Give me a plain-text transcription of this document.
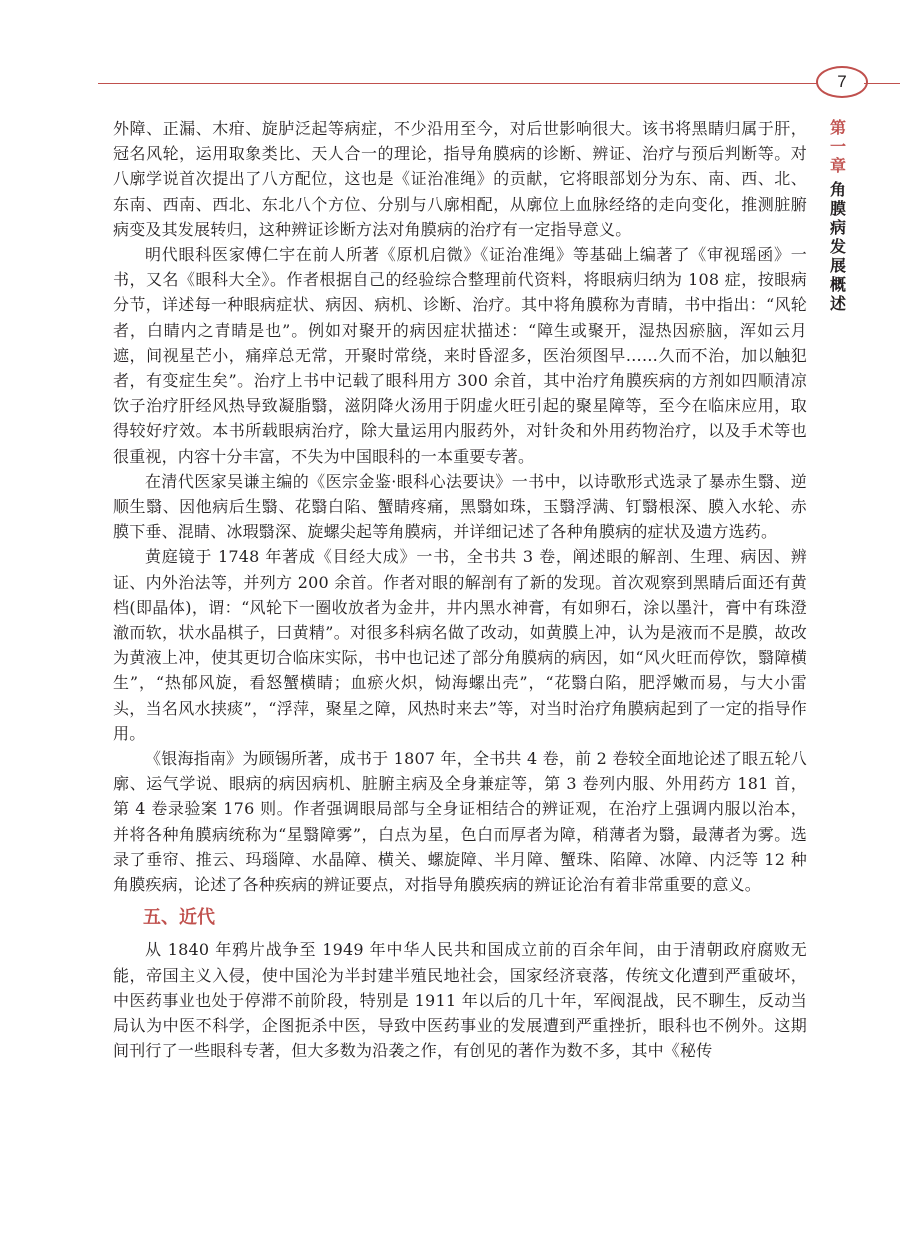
7
第
一
章
角
膜
病
发
展
概
述

外障、正漏、木疳、旋胪泛起等病症，不少沿用至今，对后世影响很大。该书将黑睛归属于肝，冠名风轮，运用取象类比、天人合一的理论，指导角膜病的诊断、辨证、治疗与预后判断等。对八廓学说首次提出了八方配位，这也是《证治准绳》的贡献，它将眼部划分为东、南、西、北、东南、西南、西北、东北八个方位、分别与八廓相配，从廓位上血脉经络的走向变化，推测脏腑病变及其发展转归，这种辨证诊断方法对角膜病的治疗有一定指导意义。

明代眼科医家傅仁宇在前人所著《原机启微》《证治准绳》等基础上编著了《审视瑶函》一书，又名《眼科大全》。作者根据自己的经验综合整理前代资料，将眼病归纳为 108 症，按眼病分节，详述每一种眼病症状、病因、病机、诊断、治疗。其中将角膜称为青睛，书中指出：“风轮者，白睛内之青睛是也”。例如对聚开的病因症状描述：“障生或聚开，湿热因瘀脑，浑如云月遮，间视星芒小，痛痒总无常，开聚时常绕，来时昏涩多，医治须图早……久而不治，加以触犯者，有变症生矣”。治疗上书中记载了眼科用方 300 余首，其中治疗角膜疾病的方剂如四顺清凉饮子治疗肝经风热导致凝脂翳，滋阴降火汤用于阴虚火旺引起的聚星障等，至今在临床应用，取得较好疗效。本书所载眼病治疗，除大量运用内服药外，对针灸和外用药物治疗，以及手术等也很重视，内容十分丰富，不失为中国眼科的一本重要专著。

在清代医家吴谦主编的《医宗金鉴·眼科心法要诀》一书中，以诗歌形式选录了暴赤生翳、逆顺生翳、因他病后生翳、花翳白陷、蟹睛疼痛，黑翳如珠，玉翳浮满、钉翳根深、膜入水轮、赤膜下垂、混睛、冰瑕翳深、旋螺尖起等角膜病，并详细记述了各种角膜病的症状及遗方选药。

黄庭镜于 1748 年著成《目经大成》一书，全书共 3 卷，阐述眼的解剖、生理、病因、辨证、内外治法等，并列方 200 余首。作者对眼的解剖有了新的发现。首次观察到黑睛后面还有黄档(即晶体)，谓：“风轮下一圈收放者为金井，井内黑水神膏，有如卵石，涂以墨汁，膏中有珠澄澈而软，状水晶棋子，曰黄精”。对很多科病名做了改动，如黄膜上冲，认为是液而不是膜，故改为黄液上冲，使其更切合临床实际，书中也记述了部分角膜病的病因，如“风火旺而停饮，翳障横生”，“热郁风旋，看怒蟹横睛；血瘀火炽，恸海螺出壳”，“花翳白陷，肥浮嫩而易，与大小雷头，当名风水挟痰”，“浮萍，聚星之障，风热时来去”等，对当时治疗角膜病起到了一定的指导作用。

《银海指南》为顾锡所著，成书于 1807 年，全书共 4 卷，前 2 卷较全面地论述了眼五轮八廓、运气学说、眼病的病因病机、脏腑主病及全身兼症等，第 3 卷列内服、外用药方 181 首，第 4 卷录验案 176 则。作者强调眼局部与全身证相结合的辨证观，在治疗上强调内服以治本，并将各种角膜病统称为“星翳障雾”，白点为星，色白而厚者为障，稍薄者为翳，最薄者为雾。选录了垂帘、推云、玛瑙障、水晶障、横关、螺旋障、半月障、蟹珠、陷障、冰障、内泛等 12 种角膜疾病，论述了各种疾病的辨证要点，对指导角膜疾病的辨证论治有着非常重要的意义。

五、近代

从 1840 年鸦片战争至 1949 年中华人民共和国成立前的百余年间，由于清朝政府腐败无能，帝国主义入侵，使中国沦为半封建半殖民地社会，国家经济衰落，传统文化遭到严重破坏，中医药事业也处于停滞不前阶段，特别是 1911 年以后的几十年，军阀混战，民不聊生，反动当局认为中医不科学，企图扼杀中医，导致中医药事业的发展遭到严重挫折，眼科也不例外。这期间刊行了一些眼科专著，但大多数为沿袭之作，有创见的著作为数不多，其中《秘传
